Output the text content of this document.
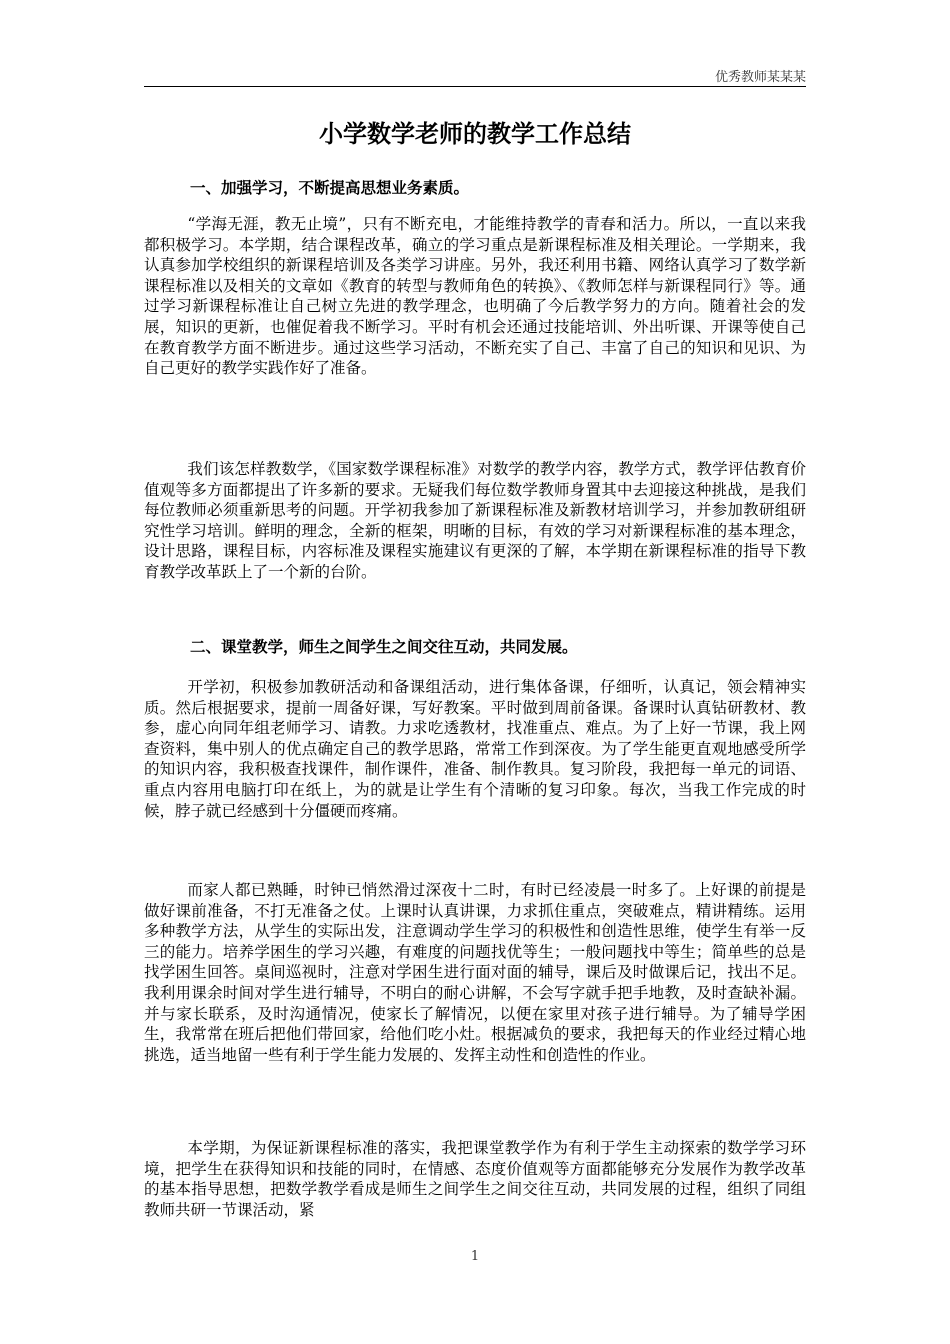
优秀教师某某某
小学数学老师的教学工作总结
一、加强学习，不断提高思想业务素质。
“学海无涯，教无止境”，只有不断充电，才能维持教学的青春和活力。所以，一直以来我都积极学习。本学期，结合课程改革，确立的学习重点是新课程标准及相关理论。一学期来，我认真参加学校组织的新课程培训及各类学习讲座。另外，我还利用书籍、网络认真学习了数学新课程标准以及相关的文章如《教育的转型与教师角色的转换》、《教师怎样与新课程同行》等。通过学习新课程标准让自己树立先进的教学理念，也明确了今后教学努力的方向。随着社会的发展，知识的更新，也催促着我不断学习。平时有机会还通过技能培训、外出听课、开课等使自己在教育教学方面不断进步。通过这些学习活动，不断充实了自己、丰富了自己的知识和见识、为自己更好的教学实践作好了准备。
我们该怎样教数学，《国家数学课程标准》对数学的教学内容，教学方式，教学评估教育价值观等多方面都提出了许多新的要求。无疑我们每位数学教师身置其中去迎接这种挑战，是我们每位教师必须重新思考的问题。开学初我参加了新课程标准及新教材培训学习，并参加教研组研究性学习培训。鲜明的理念，全新的框架，明晰的目标，有效的学习对新课程标准的基本理念，设计思路，课程目标，内容标准及课程实施建议有更深的了解，本学期在新课程标准的指导下教育教学改革跃上了一个新的台阶。
二、课堂教学，师生之间学生之间交往互动，共同发展。
开学初，积极参加教研活动和备课组活动，进行集体备课，仔细听，认真记，领会精神实质。然后根据要求，提前一周备好课，写好教案。平时做到周前备课。备课时认真钻研教材、教参，虚心向同年组老师学习、请教。力求吃透教材，找准重点、难点。为了上好一节课，我上网查资料，集中别人的优点确定自己的教学思路，常常工作到深夜。为了学生能更直观地感受所学的知识内容，我积极查找课件，制作课件，准备、制作教具。复习阶段，我把每一单元的词语、重点内容用电脑打印在纸上，为的就是让学生有个清晰的复习印象。每次，当我工作完成的时候，脖子就已经感到十分僵硬而疼痛。
而家人都已熟睡，时钟已悄然滑过深夜十二时，有时已经凌晨一时多了。上好课的前提是做好课前准备，不打无准备之仗。上课时认真讲课，力求抓住重点，突破难点，精讲精练。运用多种教学方法，从学生的实际出发，注意调动学生学习的积极性和创造性思维，使学生有举一反三的能力。培养学困生的学习兴趣，有难度的问题找优等生；一般问题找中等生；简单些的总是找学困生回答。桌间巡视时，注意对学困生进行面对面的辅导，课后及时做课后记，找出不足。我利用课余时间对学生进行辅导，不明白的耐心讲解，不会写字就手把手地教，及时查缺补漏。并与家长联系，及时沟通情况，使家长了解情况，以便在家里对孩子进行辅导。为了辅导学困生，我常常在班后把他们带回家，给他们吃小灶。根据减负的要求，我把每天的作业经过精心地挑选，适当地留一些有利于学生能力发展的、发挥主动性和创造性的作业。
本学期，为保证新课程标准的落实，我把课堂教学作为有利于学生主动探索的数学学习环境，把学生在获得知识和技能的同时，在情感、态度价值观等方面都能够充分发展作为教学改革的基本指导思想，把数学教学看成是师生之间学生之间交往互动，共同发展的过程，组织了同组教师共研一节课活动，紧
1
